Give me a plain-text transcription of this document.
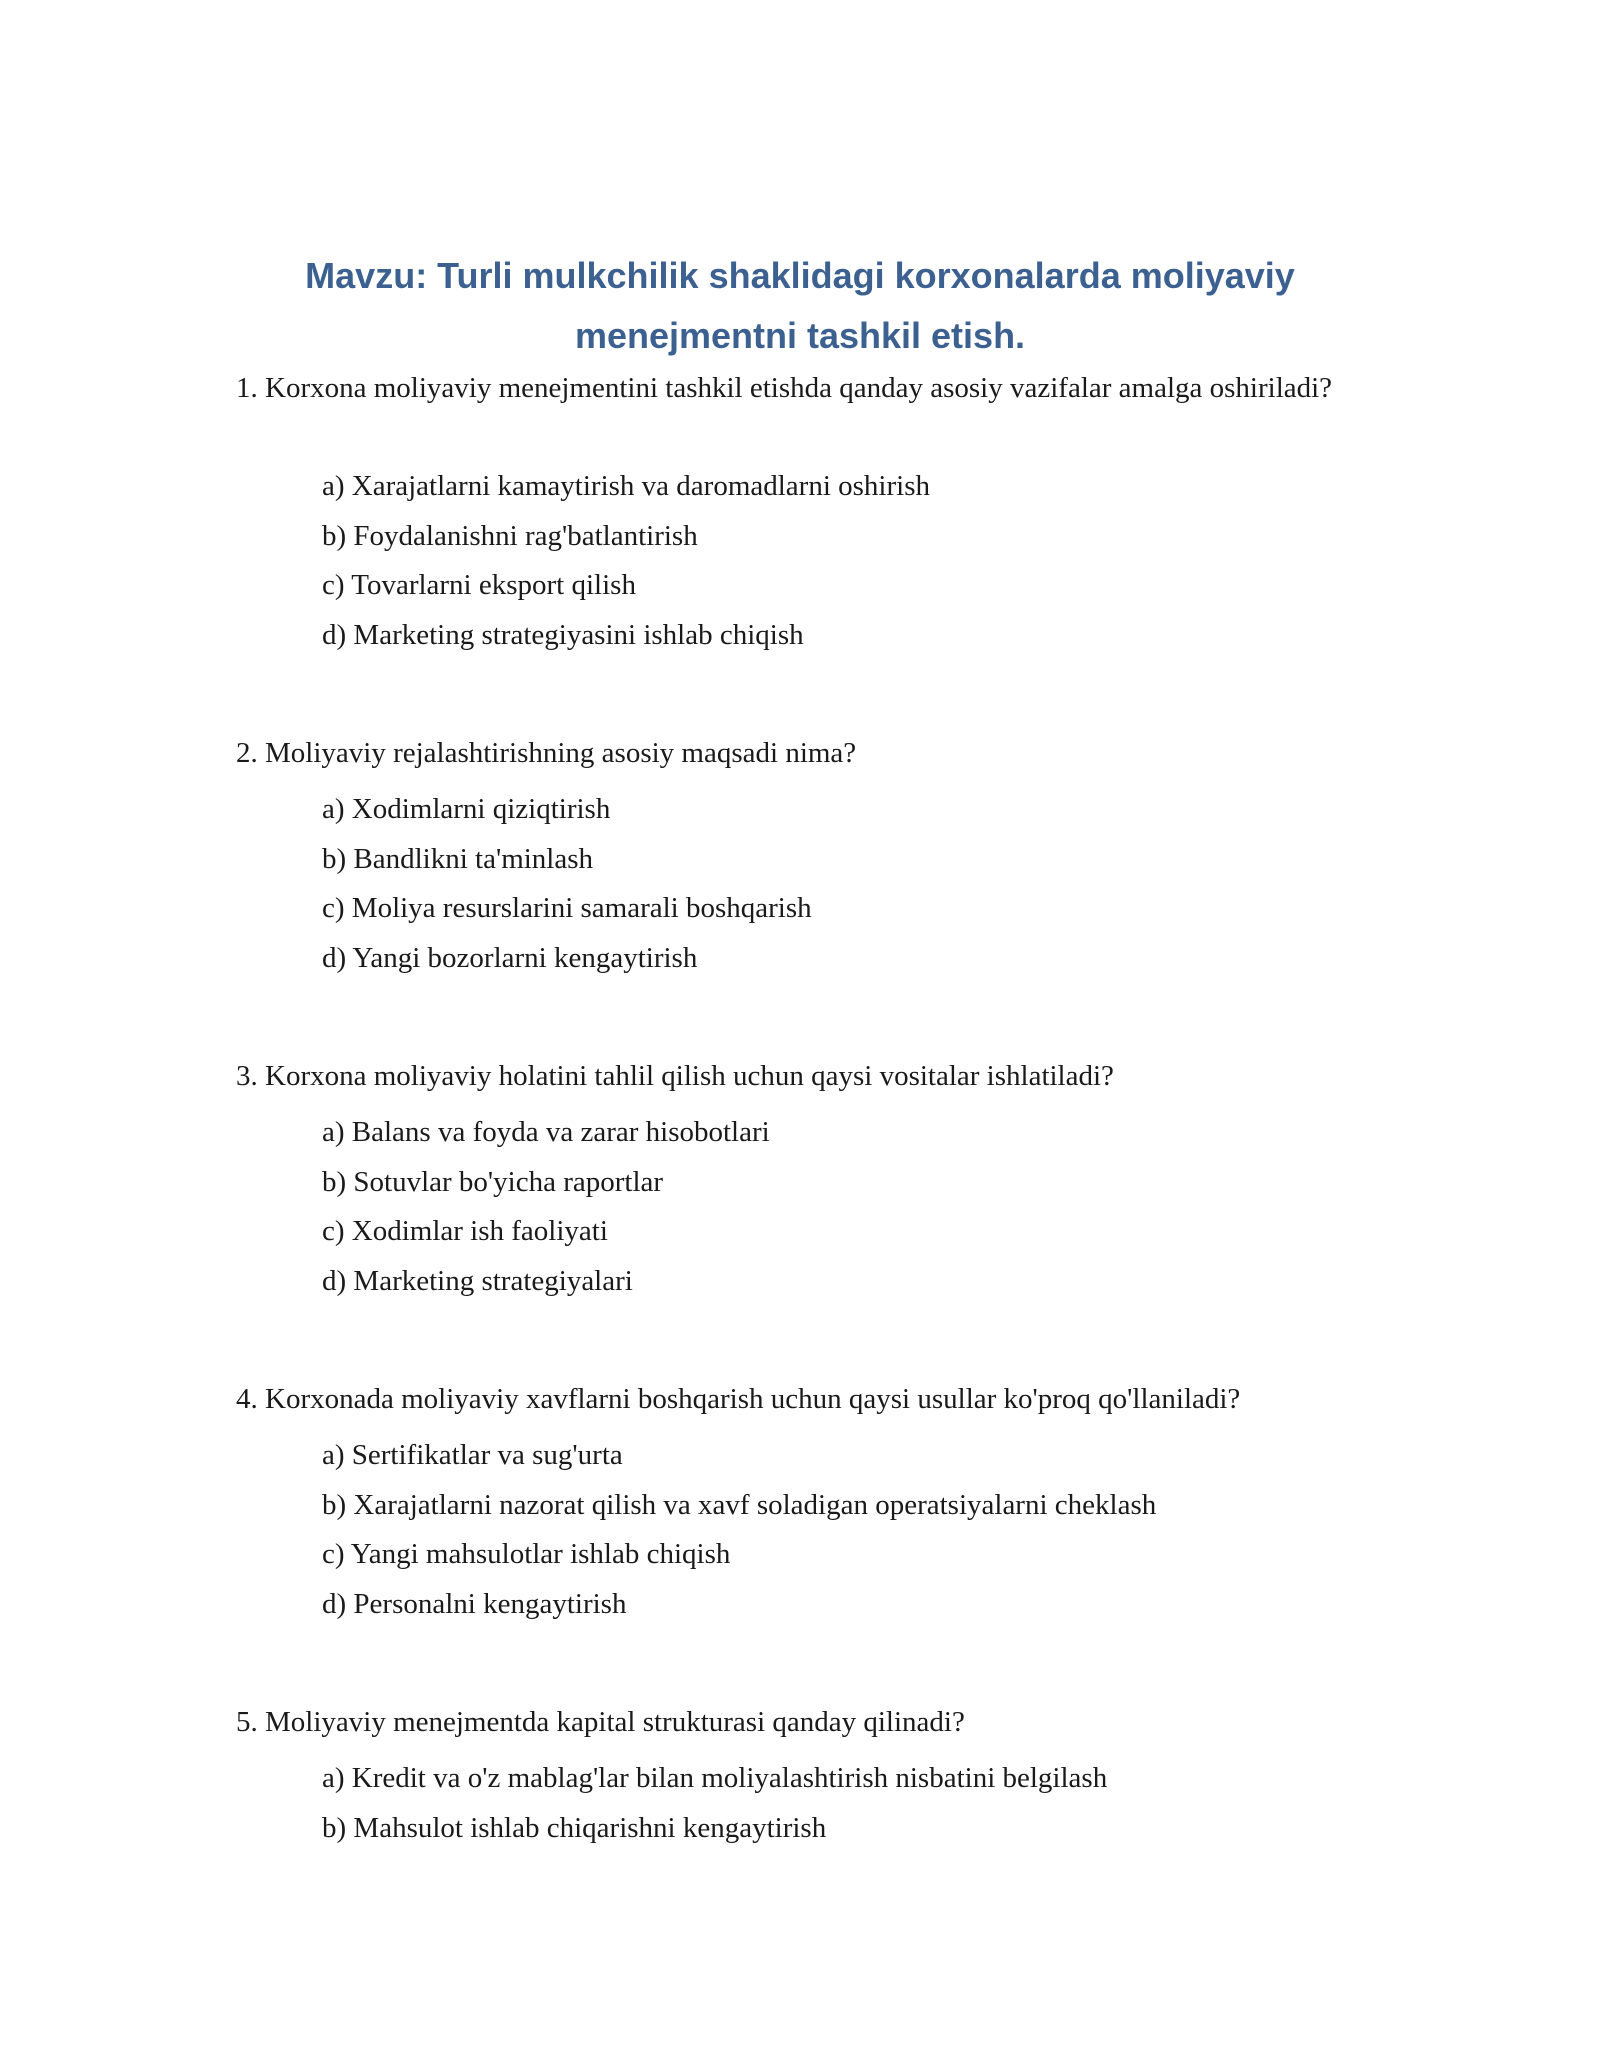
Mavzu: Turli mulkchilik shaklidagi korxonalarda moliyaviy
menejmentni tashkil etish.

1. Korxona moliyaviy menejmentini tashkil etishda qanday asosiy vazifalar amalga oshiriladi?

a) Xarajatlarni kamaytirish va daromadlarni oshirish
b) Foydalanishni rag'batlantirish
c) Tovarlarni eksport qilish
d) Marketing strategiyasini ishlab chiqish

2. Moliyaviy rejalashtirishning asosiy maqsadi nima?

a) Xodimlarni qiziqtirish
b) Bandlikni ta'minlash
c) Moliya resurslarini samarali boshqarish
d) Yangi bozorlarni kengaytirish

3. Korxona moliyaviy holatini tahlil qilish uchun qaysi vositalar ishlatiladi?

a) Balans va foyda va zarar hisobotlari
b) Sotuvlar bo'yicha raportlar
c) Xodimlar ish faoliyati
d) Marketing strategiyalari

4. Korxonada moliyaviy xavflarni boshqarish uchun qaysi usullar ko'proq qo'llaniladi?

a) Sertifikatlar va sug'urta
b) Xarajatlarni nazorat qilish va xavf soladigan operatsiyalarni cheklash
c) Yangi mahsulotlar ishlab chiqish
d) Personalni kengaytirish

5. Moliyaviy menejmentda kapital strukturasi qanday qilinadi?

a) Kredit va o'z mablag'lar bilan moliyalashtirish nisbatini belgilash
b) Mahsulot ishlab chiqarishni kengaytirish
